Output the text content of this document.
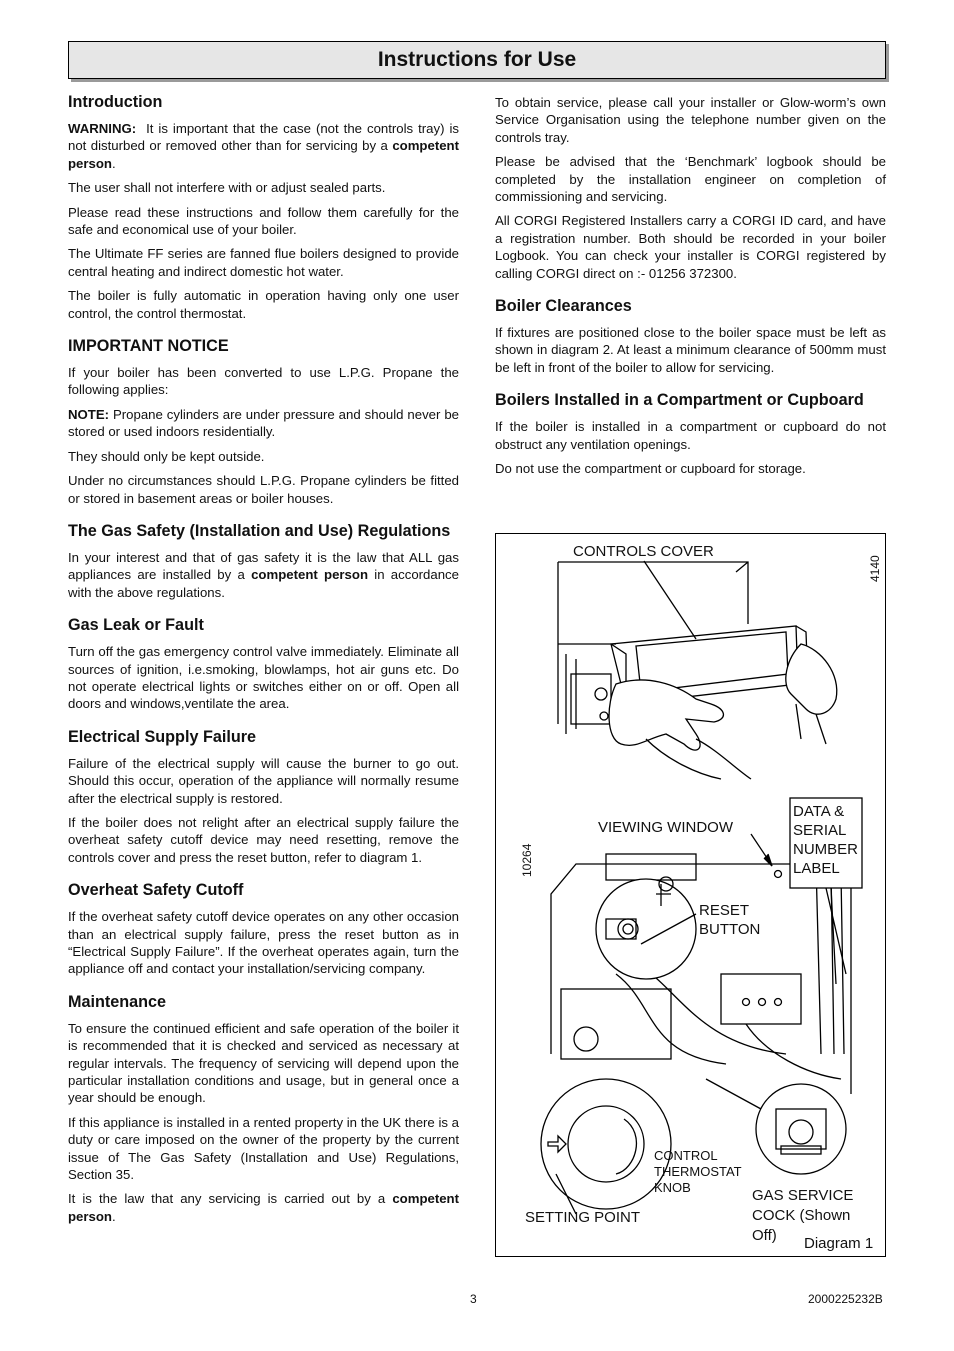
Instructions for Use
Introduction

WARNING: It is important that the case (not the controls tray) is not disturbed or removed other than for servicing by a competent person.

The user shall not interfere with or adjust sealed parts.

Please read these instructions and follow them carefully for the safe and economical use of your boiler.

The Ultimate FF series are fanned flue boilers designed to provide central heating and indirect domestic hot water.

The boiler is fully automatic in operation having only one user control, the control thermostat.

IMPORTANT NOTICE

If your boiler has been converted to use L.P.G. Propane the following applies:

NOTE: Propane cylinders are under pressure and should never be stored or used indoors residentially.

They should only be kept outside.

Under no circumstances should L.P.G. Propane cylinders be fitted or stored in basement areas or boiler houses.

The Gas Safety (Installation and Use) Regulations

In your interest and that of gas safety it is the law that ALL gas appliances are installed by a competent person in accordance with the above regulations.

Gas Leak or Fault

Turn off the gas emergency control valve immediately. Eliminate all sources of ignition, i.e.smoking, blowlamps, hot air guns etc. Do not operate electrical lights or switches either on or off. Open all doors and windows,ventilate the area.

Electrical Supply Failure

Failure of the electrical supply will cause the burner to go out. Should this occur, operation of the appliance will normally resume after the electrical supply is restored.

If the boiler does not relight after an electrical supply failure the overheat safety cutoff device may need resetting, remove the controls cover and press the reset button, refer to diagram 1.

Overheat Safety Cutoff

If the overheat safety cutoff device operates on any other occasion than an electrical supply failure, press the reset button as in “Electrical Supply Failure”. If the overheat operates again, turn the appliance off and contact your installation/servicing company.

Maintenance

To ensure the continued efficient and safe operation of the boiler it is recommended that it is checked and serviced as necessary at regular intervals. The frequency of servicing will depend upon the particular installation conditions and usage, but in general once a year should be enough.

If this appliance is installed in a rented property in the UK there is a duty or care imposed on the owner of the property by the current issue of The Gas Safety (Installation and Use) Regulations, Section 35.

It is the law that any servicing is carried out by a competent person.

To obtain service, please call your installer or Glow-worm’s own Service Organisation using the telephone number given on the controls tray.

Please be advised that the ‘Benchmark’ logbook should be completed by the installation engineer on completion of commissioning and servicing.

All CORGI Registered Installers carry a CORGI ID card, and have a registration number. Both should be recorded in your boiler Logbook. You can check your installer is CORGI registered by calling CORGI direct on :- 01256 372300.

Boiler Clearances

If fixtures are positioned close to the boiler space must be left as shown in diagram 2. At least a minimum clearance of 500mm must be left in front of the boiler to allow for servicing.

Boilers Installed in a Compartment or Cupboard

If the boiler is installed in a compartment or cupboard do not obstruct any ventilation openings.

Do not use the compartment or cupboard for storage.

CONTROLS COVER
4140
10264
VIEWING WINDOW
DATA &
SERIAL
NUMBER
LABEL
RESET
BUTTON
CONTROL
THERMOSTAT
KNOB	GAS SERVICE
COCK (Shown
Off)
SETTING POINT
Diagram 1
3	2000225232B
